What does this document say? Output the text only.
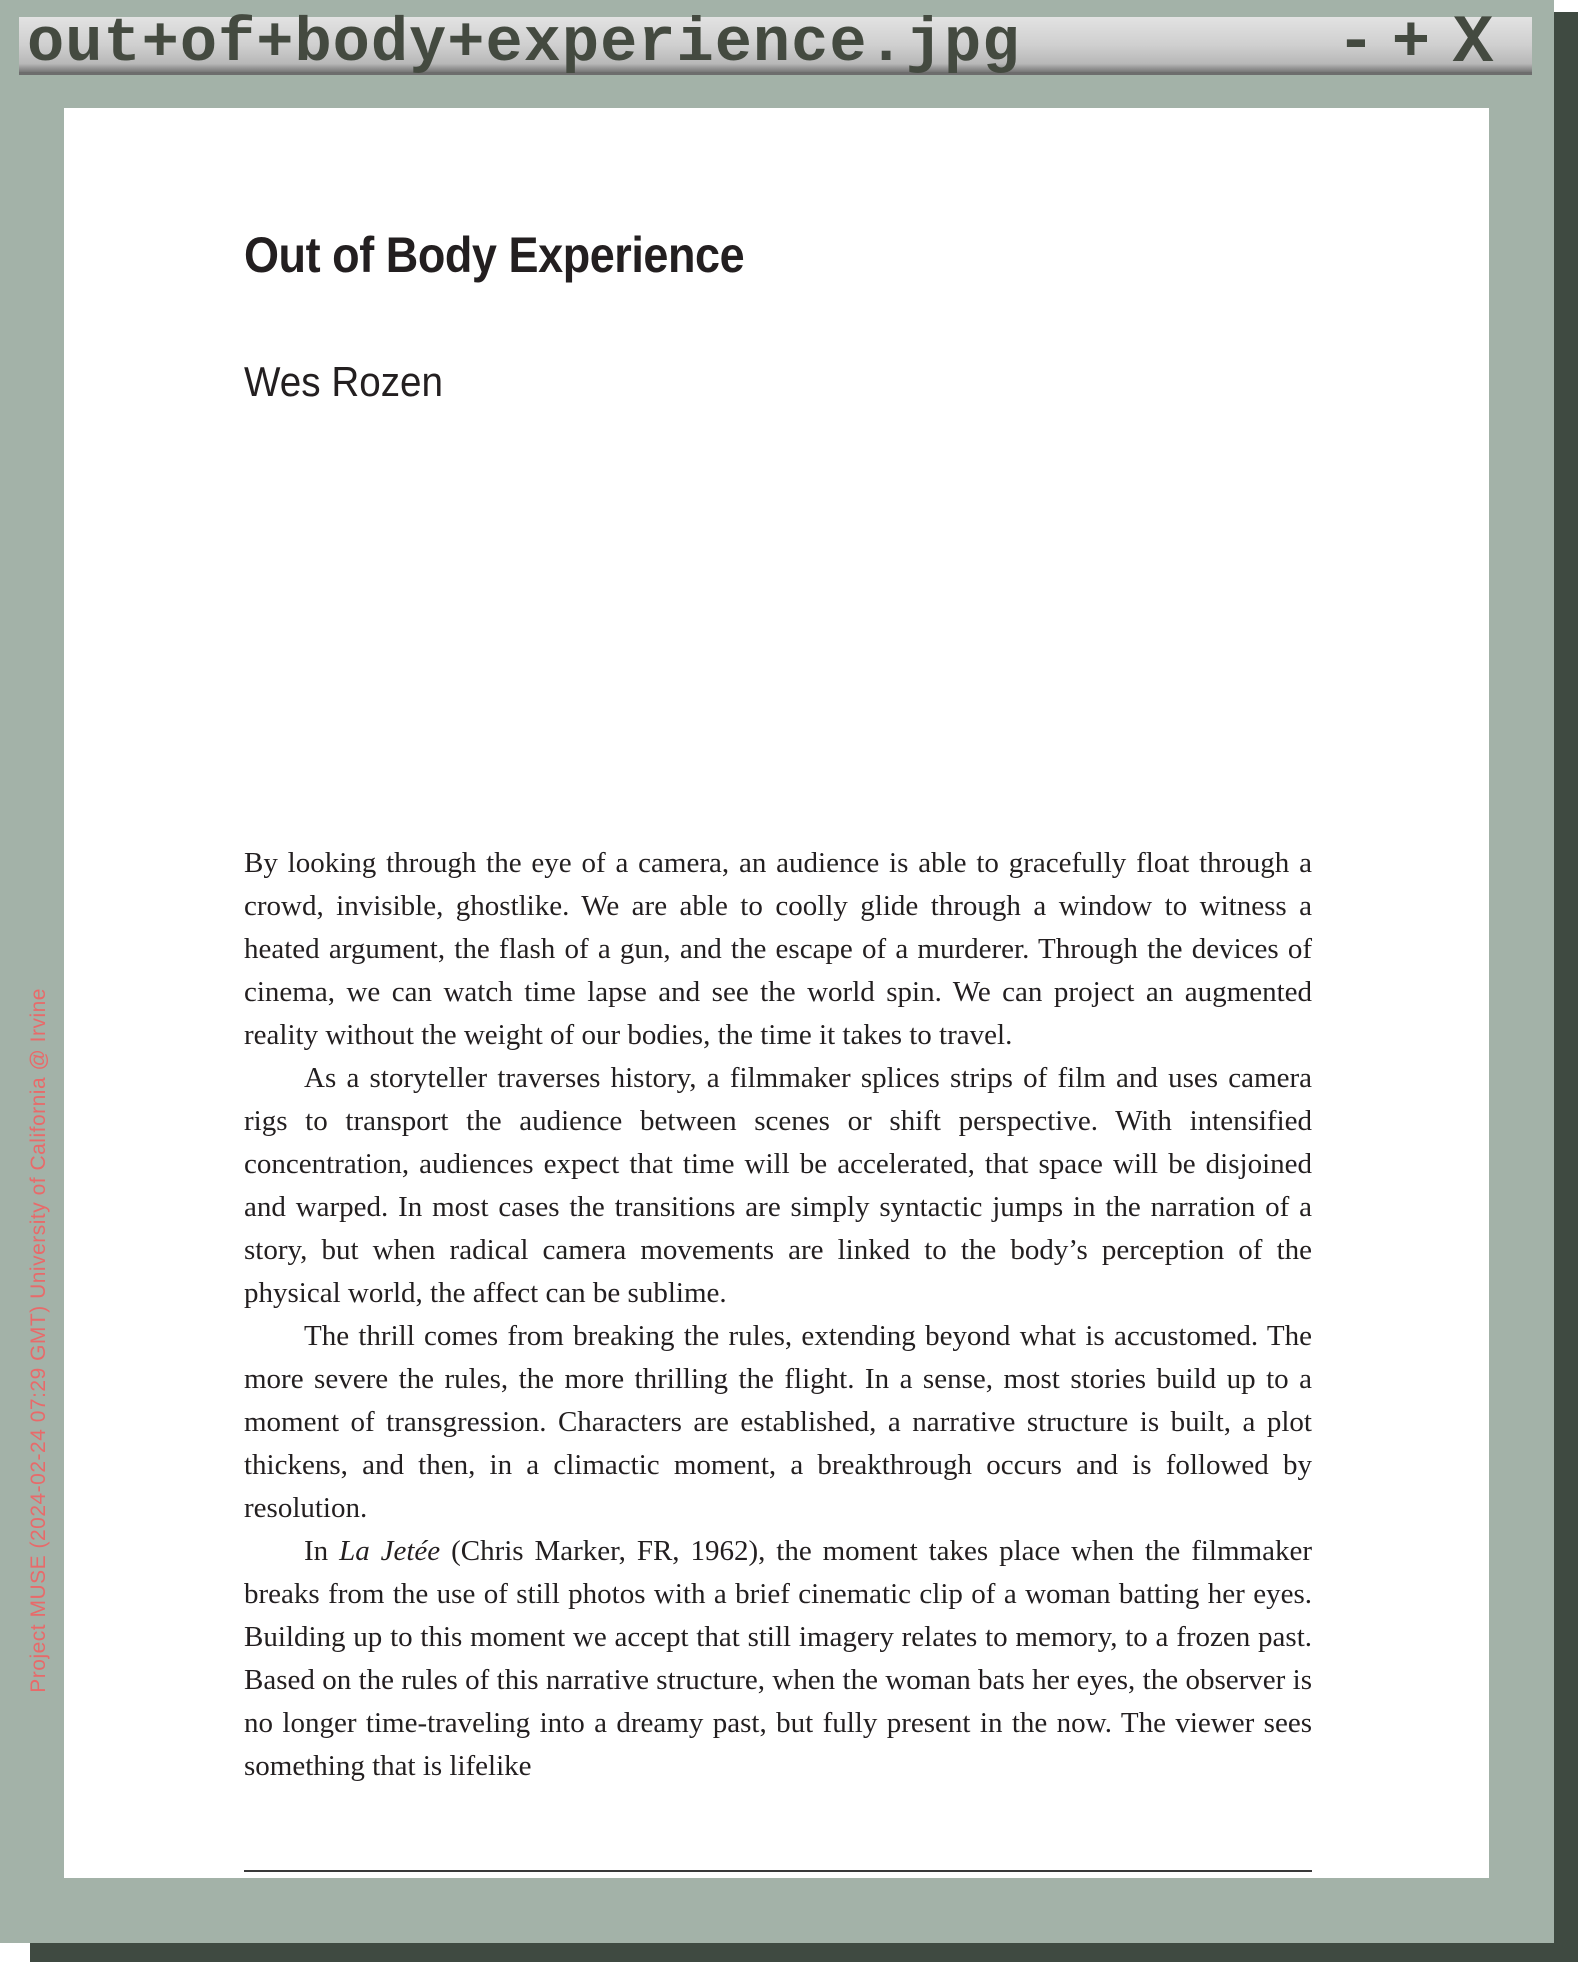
out+of+body+experience.jpg	- + X
Project MUSE (2024-02-24 07:29 GMT) University of California @ Irvine
Out of Body Experience
Wes Rozen

By looking through the eye of a camera, an audience is able to gracefully float through a crowd, invisible, ghostlike. We are able to coolly glide through a window to witness a heated argument, the flash of a gun, and the escape of a murderer. Through the devices of cinema, we can watch time lapse and see the world spin. We can project an augmented reality without the weight of our bodies, the time it takes to travel.

As a storyteller traverses history, a filmmaker splices strips of film and uses camera rigs to transport the audience between scenes or shift perspective. With intensified concentration, audiences expect that time will be accelerated, that space will be disjoined and warped. In most cases the transitions are simply syntactic jumps in the narration of a story, but when radical camera movements are linked to the body’s perception of the physical world, the affect can be sublime.

The thrill comes from breaking the rules, extending beyond what is accustomed. The more severe the rules, the more thrilling the flight. In a sense, most stories build up to a moment of transgression. Characters are established, a narrative structure is built, a plot thickens, and then, in a climactic moment, a breakthrough occurs and is followed by resolution.

In La Jetée (Chris Marker, FR, 1962), the moment takes place when the filmmaker breaks from the use of still photos with a brief cinematic clip of a woman batting her eyes. Building up to this moment we accept that still imagery relates to memory, to a frozen past. Based on the rules of this narrative structure, when the woman bats her eyes, the observer is no longer time-traveling into a dreamy past, but fully present in the now. The viewer sees something that is lifelike
